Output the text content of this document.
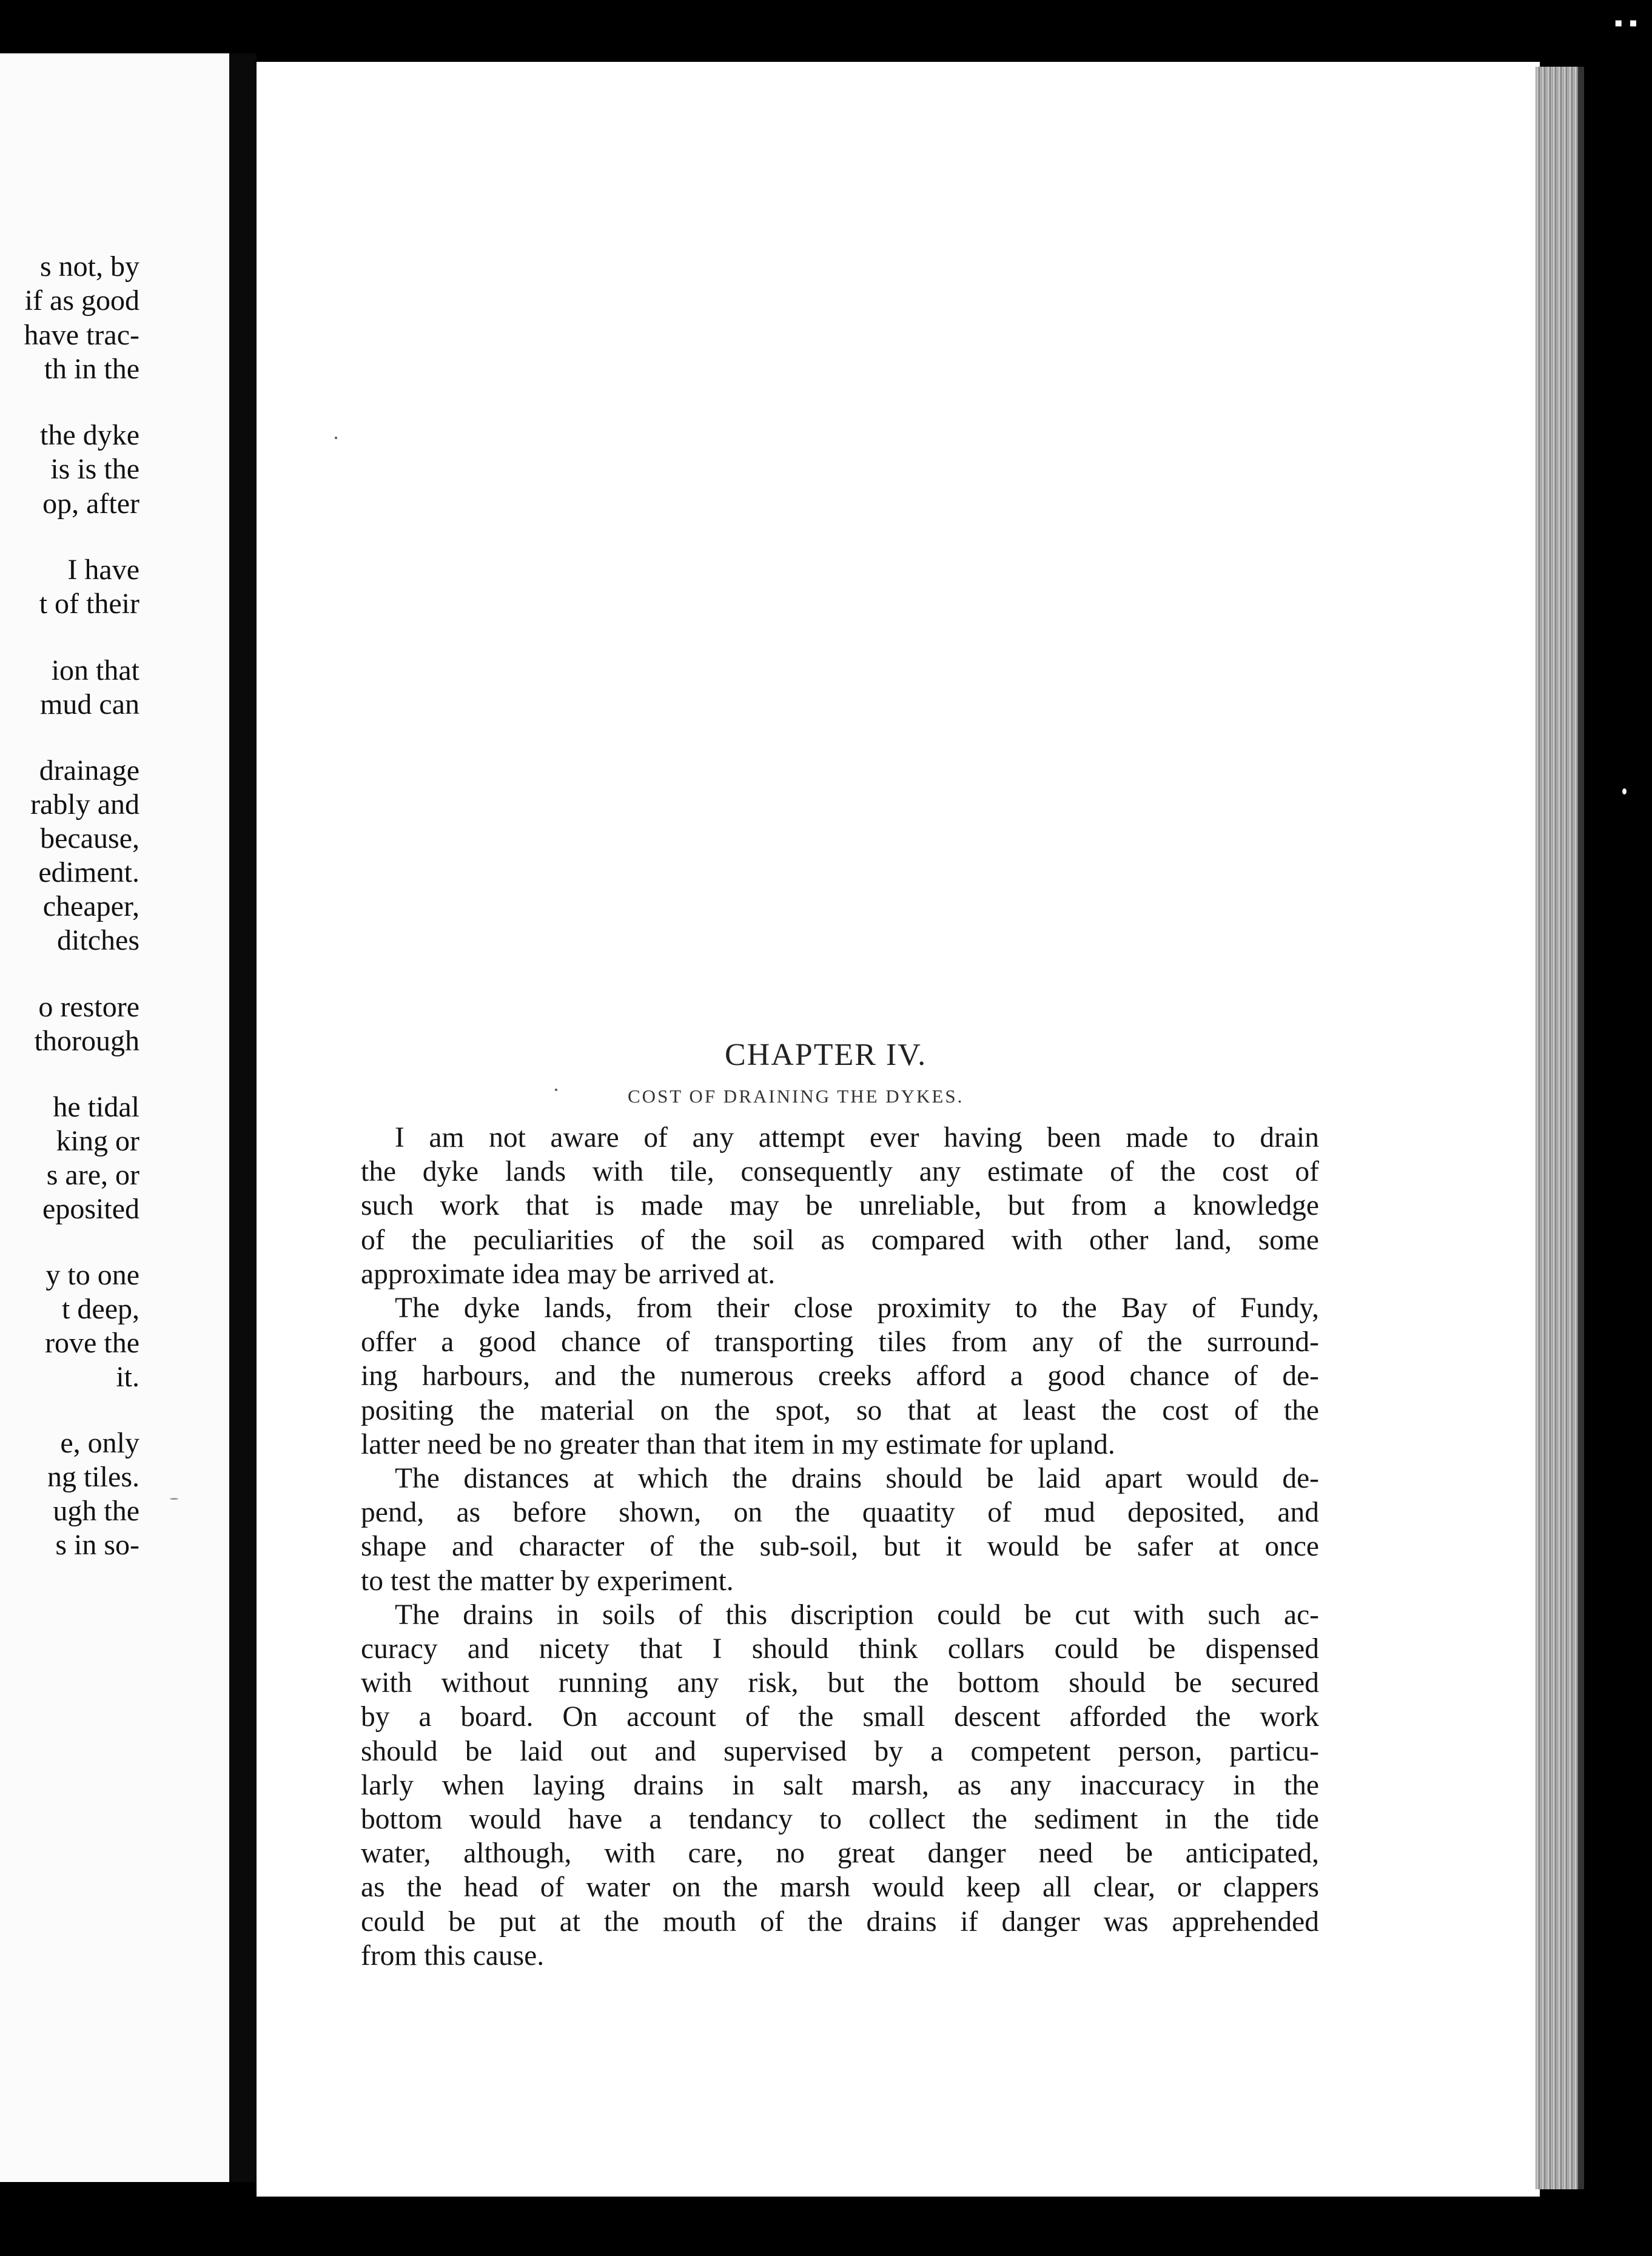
s not, by
if as good
have trac-
th in the
the dyke
is is the
op, after
I have
t of their
ion that
mud can
drainage
rably and
because,
ediment.
cheaper,
ditches
o restore
thorough
he tidal
king or
s are, or
eposited
y to one
t deep,
rove the
it.
e, only
ng tiles.
ugh the
s in so-
CHAPTER IV.
COST OF DRAINING THE DYKES.
I am not aware of any attempt ever having been made to drain
the dyke lands with tile, consequently any estimate of the cost of
such work that is made may be unreliable, but from a knowledge
of the peculiarities of the soil as compared with other land, some
approximate idea may be arrived at.
The dyke lands, from their close proximity to the Bay of Fundy,
offer a good chance of transporting tiles from any of the surround-
ing harbours, and the numerous creeks afford a good chance of de-
positing the material on the spot, so that at least the cost of the
latter need be no greater than that item in my estimate for upland.
The distances at which the drains should be laid apart would de-
pend, as before shown, on the quaatity of mud deposited, and
shape and character of the sub-soil, but it would be safer at once
to test the matter by experiment.
The drains in soils of this discription could be cut with such ac-
curacy and nicety that I should think collars could be dispensed
with without running any risk, but the bottom should be secured
by a board. On account of the small descent afforded the work
should be laid out and supervised by a competent person, particu-
larly when laying drains in salt marsh, as any inaccuracy in the
bottom would have a tendancy to collect the sediment in the tide
water, although, with care, no great danger need be anticipated,
as the head of water on the marsh would keep all clear, or clappers
could be put at the mouth of the drains if danger was apprehended
from this cause.
▪ ▪
